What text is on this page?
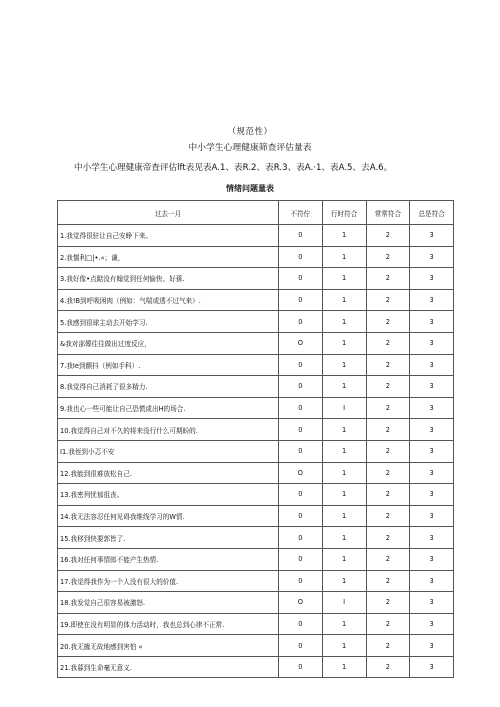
（规范性）
中小学生心理健康筛查评估量表
中小学生心理健康帝査评估lft表见表A.1、表R.2、表R.3、表A.·1、表A.5、去A.6。
情绪问题量表
过去一月	不符佇	行时符合	常常符合	总是符合
1.我觉得很驻让自己安睁下来。	0	1	2	3
2.我懦利□|•.«；谦，	0	1	2	3
3.我好像•点踮没有翰觉到任何愉快、好孫.	0	1	2	3
4.我!B到呼吸困肉（例如：气喘或透不过气来）.	0	1	2	3
5.我感到很球主动去开始学习.	0	1	2	3
&我对邵傳往往做出过度反应，	O	1	2	3
7.我Ie到颤抖（例如手科）.	0	1	2	3
8.我觉得自己消耗了很多精力.	0	1	2	3
9.我也心一些可能让自己恐慌或出H的场合.	0	I	2	3
10.我觉得自己对不久的将来没行什么可期盼的.	0	1	2	3
I1.我侄到小忑不安	0	1	2	3
12.我能到很难放松自己.	O	1	2	3
13.我密列忧郁徂丧。	0	1	2	3
14.我无法容忍任何见碍我维线学习的W情.	0	1	2	3
15.我移到快要郭皆了.	0	1	2	3
16.我对任何事情郎不能产生热情.	0	1	2	3
17.我觉得我作为一个人没有很大的价值.	0	1	2	3
18.我发觉自己很容易被激怒.	O	I	2	3
19.即使在没有明显的体力活动时，我也总到心律不正常.	0	1	2	3
20.我无據无故地感到害怕 «	0	1	2	3
21.我暮到生命毫无意义.	0	1	2	3
